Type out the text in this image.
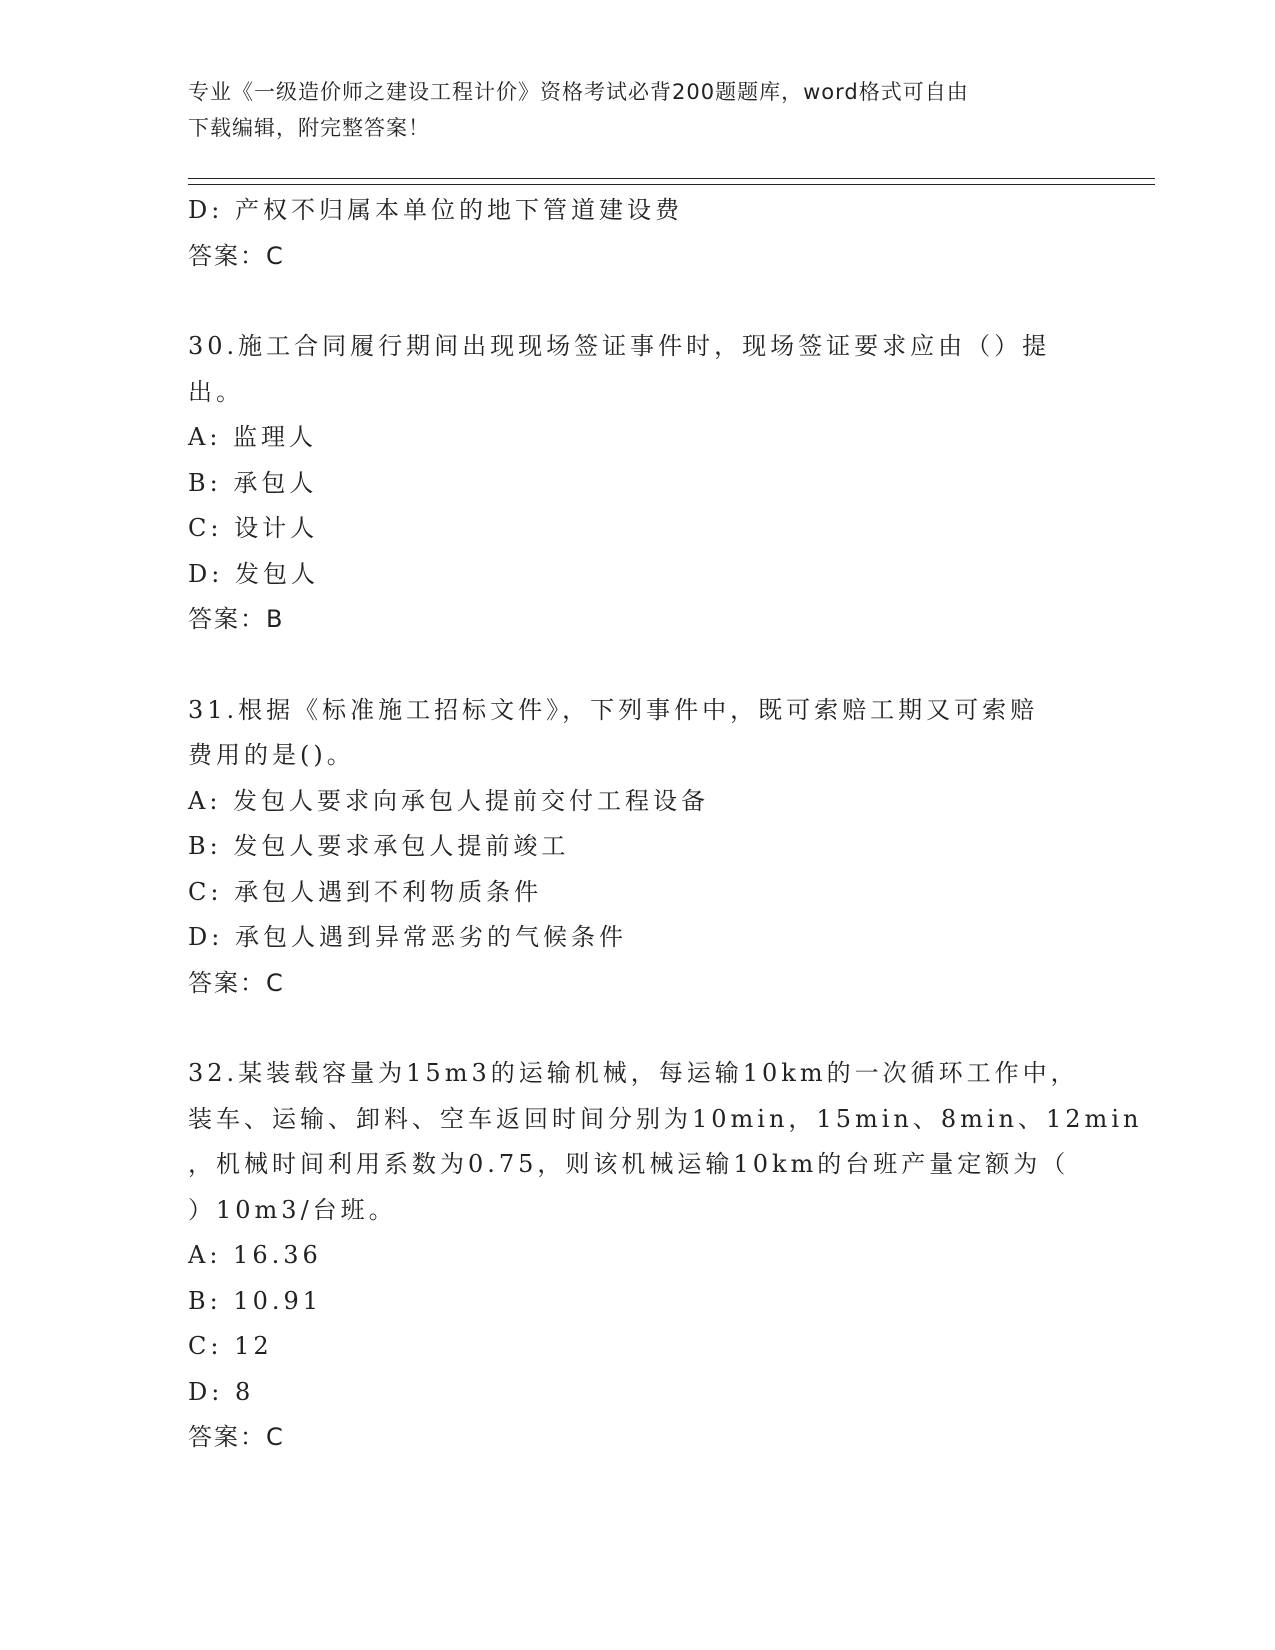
专业《一级造价师之建设工程计价》资格考试必背200题题库，word格式可自由
下载编辑，附完整答案！
D: 产权不归属本单位的地下管道建设费
答案：C
30.施工合同履行期间出现现场签证事件时，现场签证要求应由（）提
出。
A: 监理人
B: 承包人
C: 设计人
D: 发包人
答案：B
31.根据《标准施工招标文件》，下列事件中，既可索赔工期又可索赔
费用的是()。
A: 发包人要求向承包人提前交付工程设备
B: 发包人要求承包人提前竣工
C: 承包人遇到不利物质条件
D: 承包人遇到异常恶劣的气候条件
答案：C
32.某装载容量为15m3的运输机械，每运输10km的一次循环工作中，
装车、运输、卸料、空车返回时间分别为10min，15min、8min、12min
，机械时间利用系数为0.75，则该机械运输10km的台班产量定额为（
）10m3/台班。
A: 16.36
B: 10.91
C: 12
D: 8
答案：C
